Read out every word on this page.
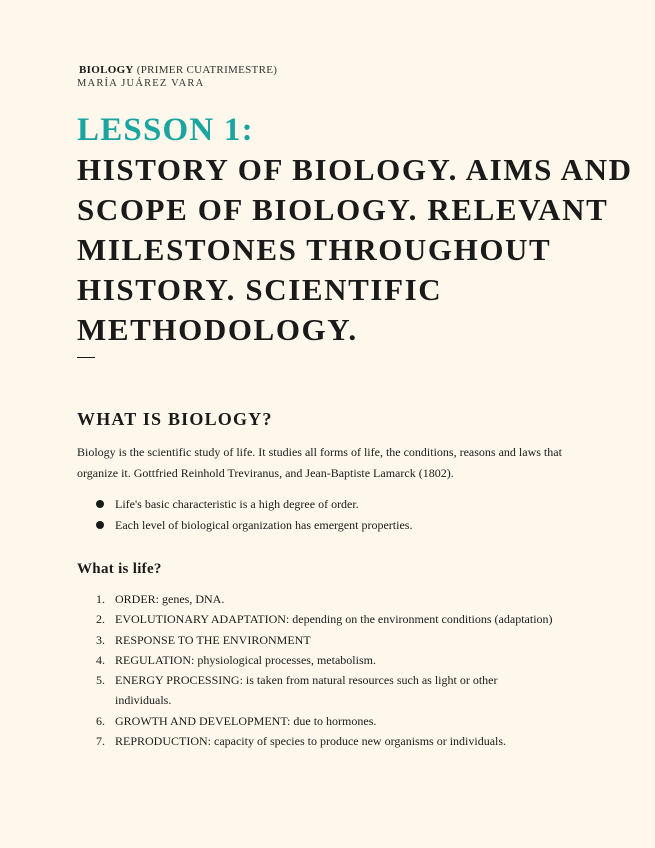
BIOLOGY (PRIMER CUATRIMESTRE)
MARÍA JUÁREZ VARA
LESSON 1:
HISTORY OF BIOLOGY. AIMS AND SCOPE OF BIOLOGY. RELEVANT MILESTONES THROUGHOUT HISTORY. SCIENTIFIC METHODOLOGY.
WHAT IS BIOLOGY?

Biology is the scientific study of life. It studies all forms of life, the conditions, reasons and laws that organize it. Gottfried Reinhold Treviranus, and Jean-Baptiste Lamarck (1802).

Life's basic characteristic is a high degree of order.
Each level of biological organization has emergent properties.
What is life?
1. ORDER: genes, DNA.
2. EVOLUTIONARY ADAPTATION: depending on the environment conditions (adaptation)
3. RESPONSE TO THE ENVIRONMENT
4. REGULATION: physiological processes, metabolism.
5. ENERGY PROCESSING: is taken from natural resources such as light or other individuals.
6. GROWTH AND DEVELOPMENT: due to hormones.
7. REPRODUCTION: capacity of species to produce new organisms or individuals.
